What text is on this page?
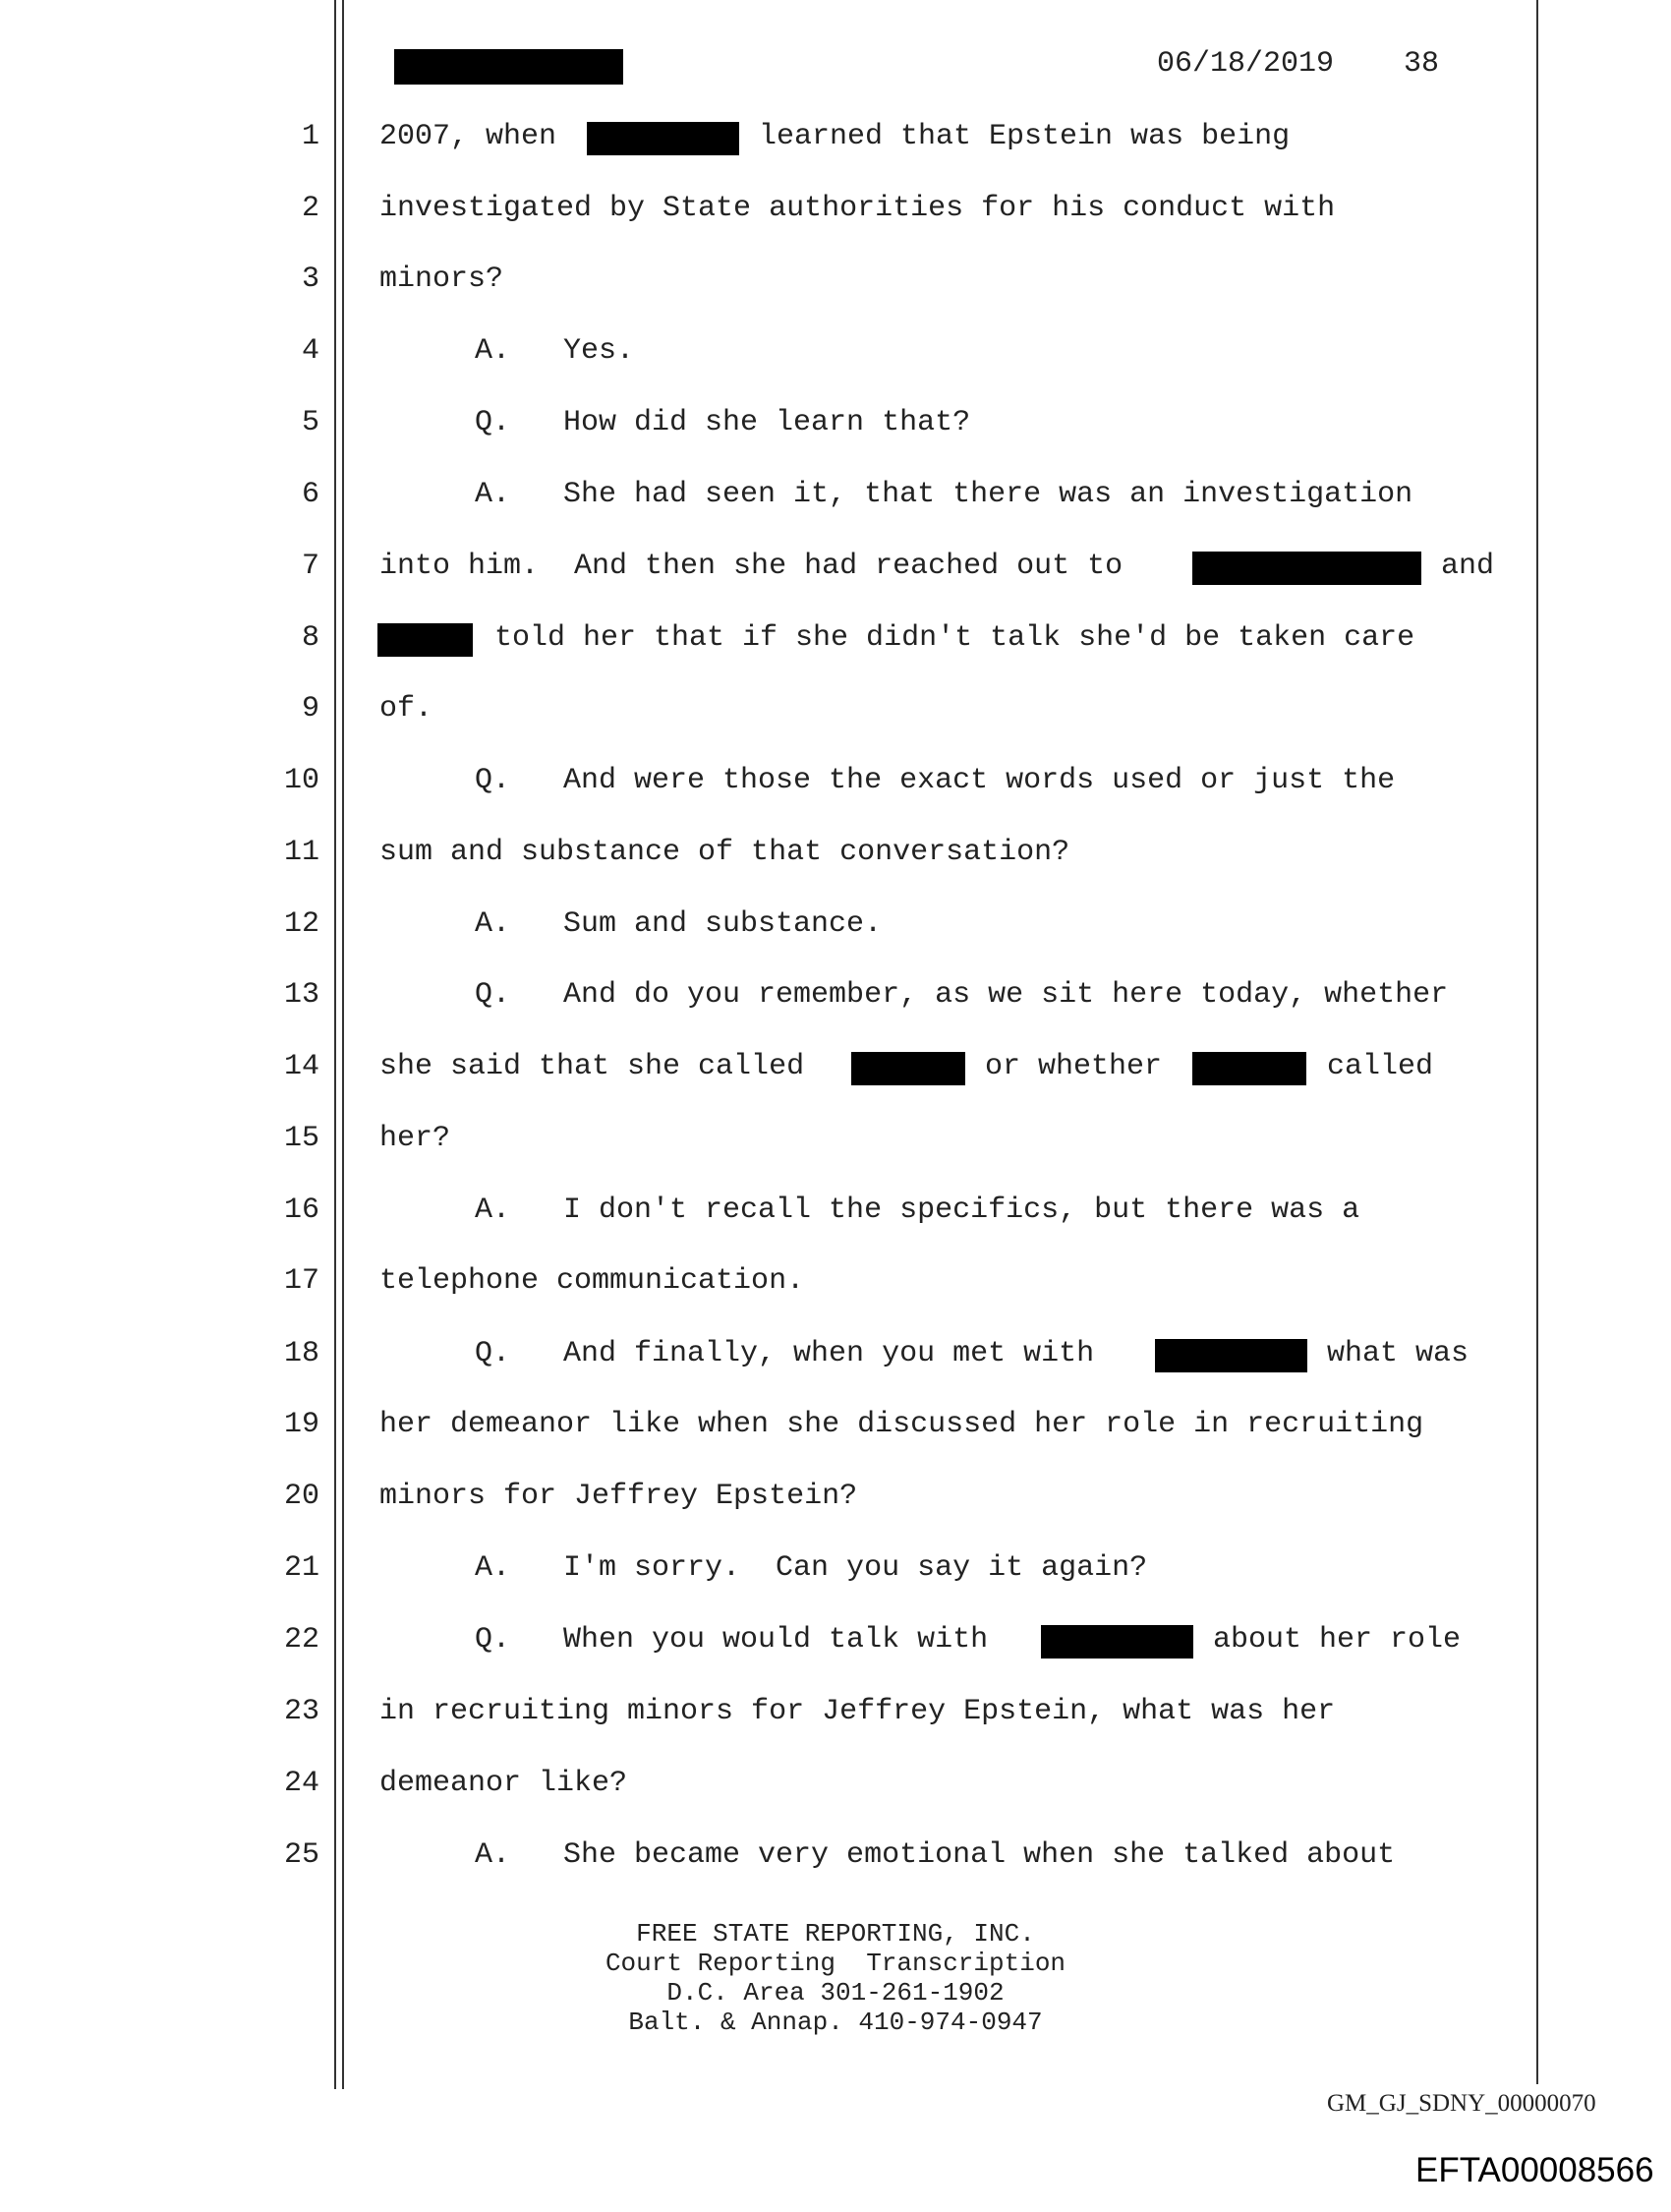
06/18/2019 38
1
2
3
4
5
6
7
8
9
10
11
12
13
14
15
16
17
18
19
20
21
22
23
24
25
2007, when	learned that Epstein was being
investigated by State authorities for his conduct with
minors?
A.   Yes.
Q.   How did she learn that?
A.   She had seen it, that there was an investigation
into him.  And then she had reached out to	and
told her that if she didn't talk she'd be taken care
of.
Q.   And were those the exact words used or just the
sum and substance of that conversation?
A.   Sum and substance.
Q.   And do you remember, as we sit here today, whether
she said that she called	or whether	called
her?
A.   I don't recall the specifics, but there was a
telephone communication.
Q.   And finally, when you met with	what was
her demeanor like when she discussed her role in recruiting
minors for Jeffrey Epstein?
A.   I'm sorry.  Can you say it again?
Q.   When you would talk with	about her role
in recruiting minors for Jeffrey Epstein, what was her
demeanor like?
A.   She became very emotional when she talked about
FREE STATE REPORTING, INC.
Court Reporting  Transcription
D.C. Area 301-261-1902
Balt. & Annap. 410-974-0947
GM_GJ_SDNY_00000070
EFTA00008566
